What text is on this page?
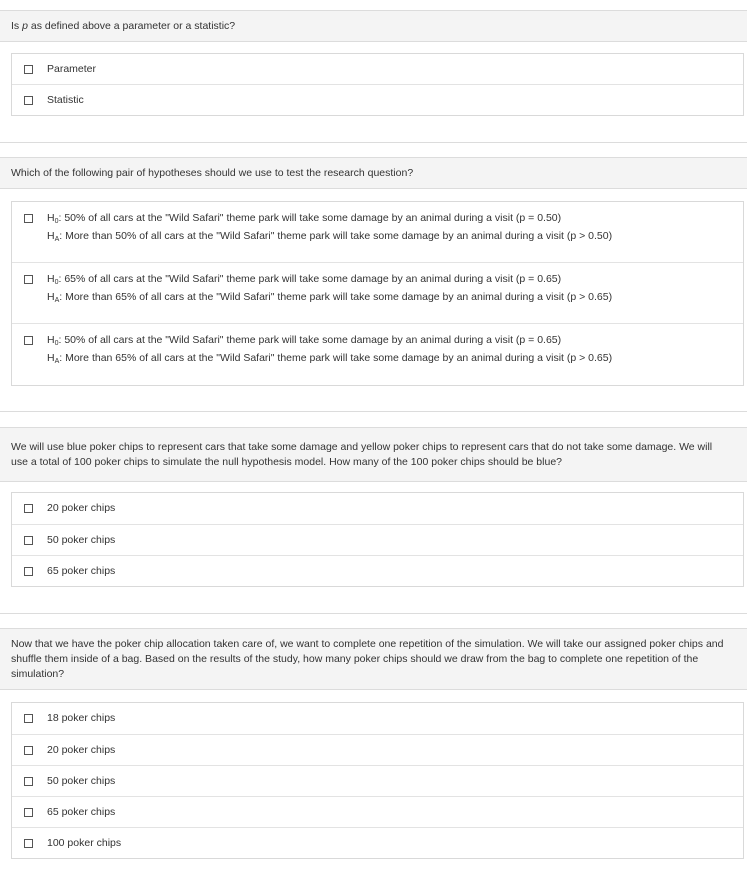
Is p as defined above a parameter or a statistic?
Parameter
Statistic
Which of the following pair of hypotheses should we use to test the research question?
$H_0$: 50% of all cars at the "Wild Safari" theme park will take some damage by an animal during a visit (p = 0.50)
$H_A$: More than 50% of all cars at the "Wild Safari" theme park will take some damage by an animal during a visit (p > 0.50)
$H_0$: 65% of all cars at the "Wild Safari" theme park will take some damage by an animal during a visit (p = 0.65)
$H_A$: More than 65% of all cars at the "Wild Safari" theme park will take some damage by an animal during a visit (p > 0.65)
$H_0$: 50% of all cars at the "Wild Safari" theme park will take some damage by an animal during a visit (p = 0.65)
$H_A$: More than 65% of all cars at the "Wild Safari" theme park will take some damage by an animal during a visit (p > 0.65)
We will use blue poker chips to represent cars that take some damage and yellow poker chips to represent cars that do not take some damage. We will
use a total of 100 poker chips to simulate the null hypothesis model. How many of the 100 poker chips should be blue?
20 poker chips
50 poker chips
65 poker chips
Now that we have the poker chip allocation taken care of, we want to complete one repetition of the simulation. We will take our assigned poker chips and
shuffle them inside of a bag. Based on the results of the study, how many poker chips should we draw from the bag to complete one repetition of the
simulation?
18 poker chips
20 poker chips
50 poker chips
65 poker chips
100 poker chips
